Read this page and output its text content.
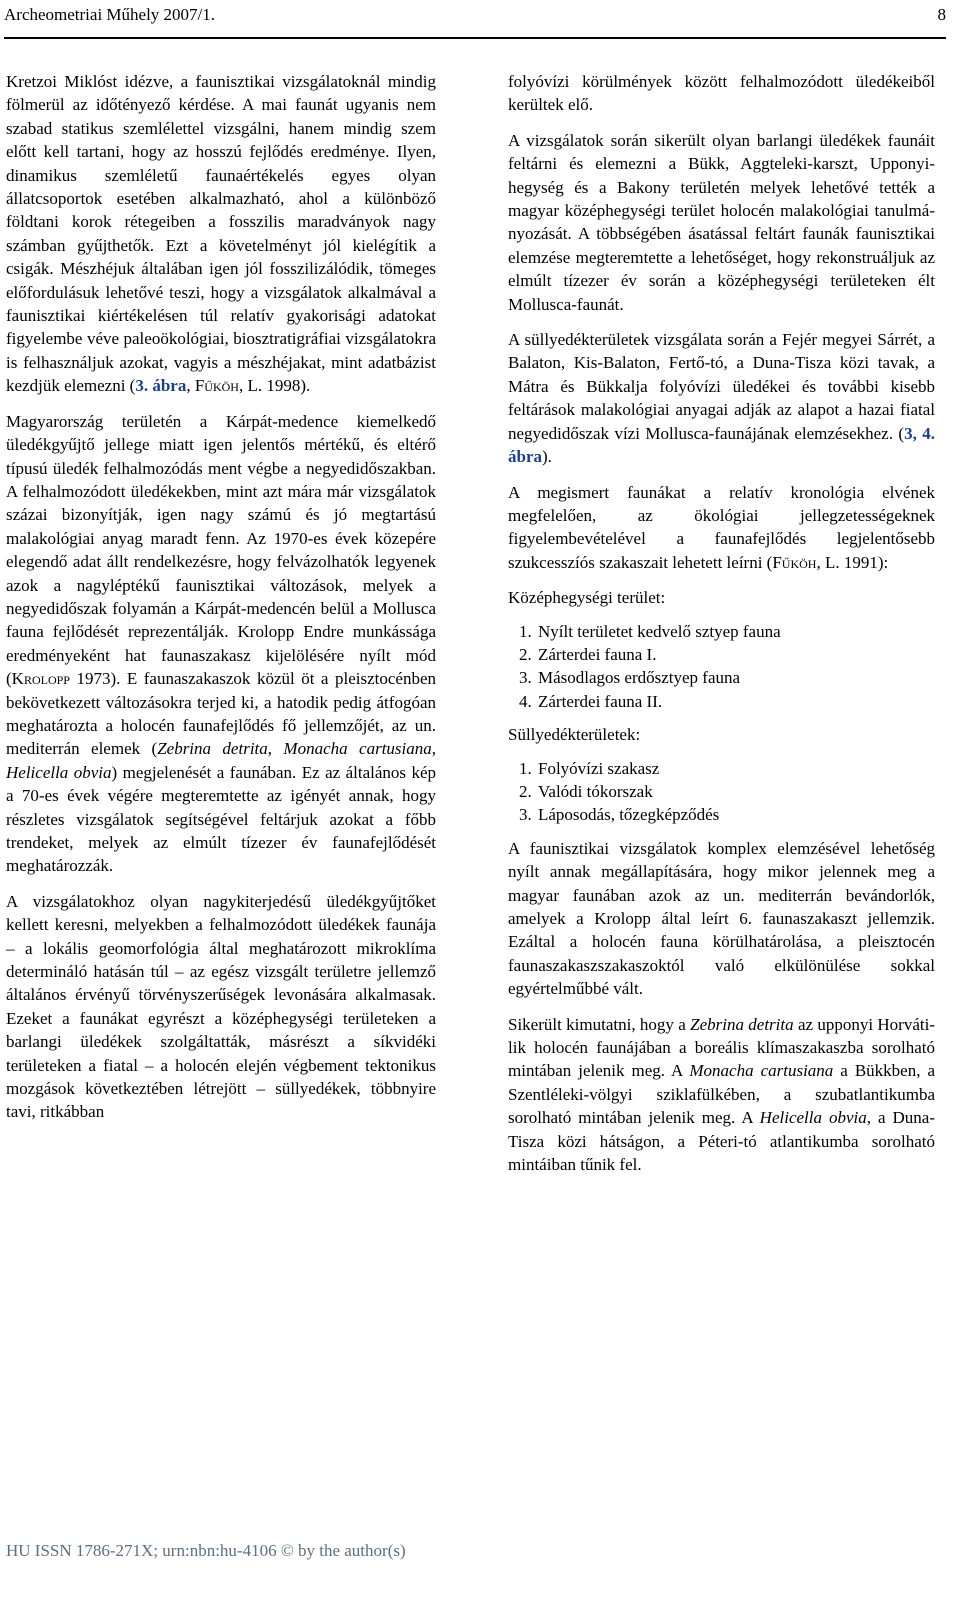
Archeometriai Műhely 2007/1.	8

Kretzoi Miklóst idézve, a faunisztikai vizsgálatoknál mindig fölmerül az időtényező kérdése. A mai faunát ugyanis nem szabad statikus szemlélettel vizsgálni, hanem mindig szem előtt kell tartani, hogy az hosszú fejlődés eredménye. Ilyen, dinamikus szemléletű faunaértékelés egyes olyan állatcsoportok esetében alkalmazható, ahol a különböző földtani korok rétegeiben a fosszilis maradványok nagy számban gyűjthetők. Ezt a követelményt jól kielégítik a csigák. Mészhéjuk általában igen jól fosszilizálódik, tömeges előfordulásuk lehetővé teszi, hogy a vizsgálatok alkalmával a faunisztikai kiértékelésen túl relatív gyakorisági adatokat figyelembe véve paleoökológiai, biosztratigráfiai vizsgálatokra is felhasználjuk azokat, vagyis a mészhéjakat, mint adatbázist kezdjük elemezni (3. ábra, Fűköh, L. 1998).

Magyarország területén a Kárpát-medence kiemelkedő üledékgyűjtő jellege miatt igen jelentős mértékű, és eltérő típusú üledék felhalmozódás ment végbe a negyedidőszakban. A felhalmozódott üledékekben, mint azt mára már vizsgálatok százai bizonyítják, igen nagy számú és jó megtartású malakológiai anyag maradt fenn. Az 1970-es évek közepére elegendő adat állt rendelkezésre, hogy felvázolhatók legyenek azok a nagyléptékű faunisztikai változások, melyek a negyedidőszak folyamán a Kárpát-medencén belül a Mollusca fauna fejlődését reprezentálják. Krolopp Endre munkássága eredményeként hat faunaszakasz kijelölésére nyílt mód (Krolopp 1973). E faunaszakaszok közül öt a pleisztocénben bekövetkezett változásokra terjed ki, a hatodik pedig átfogóan meghatározta a holocén faunafejlődés fő jellemzőjét, az un. mediterrán elemek (Zebrina detrita, Monacha cartusiana, Helicella obvia) megjelenését a faunában. Ez az általános kép a 70-es évek végére megteremtette az igényét annak, hogy részletes vizsgálatok segítségével feltárjuk azokat a főbb trendeket, melyek az elmúlt tízezer év faunafejlődését meghatározzák.

A vizsgálatokhoz olyan nagykiterjedésű üledékgyűjtőket kellett keresni, melyekben a felhalmozódott üledékek faunája – a lokális geomorfológia által meghatározott mikroklíma determináló hatásán túl – az egész vizsgált területre jellemző általános érvényű törvényszerűségek levonására alkalmasak. Ezeket a faunákat egyrészt a középhegységi területeken a barlangi üledékek szolgáltatták, másrészt a síkvidéki területeken a fiatal – a holocén elején végbement tektonikus mozgások következtében létrejött – süllyedékek, többnyire tavi, ritkábban

folyóvízi körülmények között felhalmozódott üledékeiből kerültek elő.

A vizsgálatok során sikerült olyan barlangi üledékek faunáit feltárni és elemezni a Bükk, Aggteleki-karszt, Upponyi-hegység és a Bakony területén melyek lehetővé tették a magyar középhegységi terület holocén malakológiai tanulmányozását. A többségében ásatással feltárt faunák faunisztikai elemzése megteremtette a lehetőséget, hogy rekonstruáljuk az elmúlt tízezer év során a középhegységi területeken élt Mollusca-faunát.

A süllyedékterületek vizsgálata során a Fejér megyei Sárrét, a Balaton, Kis-Balaton, Fertő-tó, a Duna-Tisza közi tavak, a Mátra és Bükkalja folyóvízi üledékei és további kisebb feltárások malakológiai anyagai adják az alapot a hazai fiatal negyedidőszak vízi Mollusca-faunájának elemzésekhez. (3, 4. ábra).

A megismert faunákat a relatív kronológia elvének megfelelően, az ökológiai jellegzetességeknek figyelembevételével a faunafejlődés legjelentősebb szukcesszíós szakaszait lehetett leírni (Fűköh, L. 1991):

Középhegységi terület:

1. Nyílt területet kedvelő sztyep fauna
2. Zárterdei fauna I.
3. Másodlagos erdősztyep fauna
4. Zárterdei fauna II.

Süllyedékterületek:

1. Folyóvízi szakasz
2. Valódi tókorszak
3. Láposodás, tőzegképződés

A faunisztikai vizsgálatok komplex elemzésével lehetőség nyílt annak megállapítására, hogy mikor jelennek meg a magyar faunában azok az un. mediterrán bevándorlók, amelyek a Krolopp által leírt 6. faunaszakaszt jellemzik. Ezáltal a holocén fauna körülhatárolása, a pleisztocén faunaszakaszszakaszoktól való elkülönülése sokkal egyértelműbbé vált.

Sikerült kimutatni, hogy a Zebrina detrita az upponyi Horváti-lik holocén faunájában a boreális klímaszakaszba sorolható mintában jelenik meg. A Monacha cartusiana a Bükkben, a Szentléleki-völgyi sziklafülkében, a szubatlantikumba sorolható mintában jelenik meg. A Helicella obvia, a Duna-Tisza közi hátságon, a Péteri-tó atlantikumba sorolható mintáiban tűnik fel.

HU ISSN 1786-271X; urn:nbn:hu-4106 © by the author(s)
